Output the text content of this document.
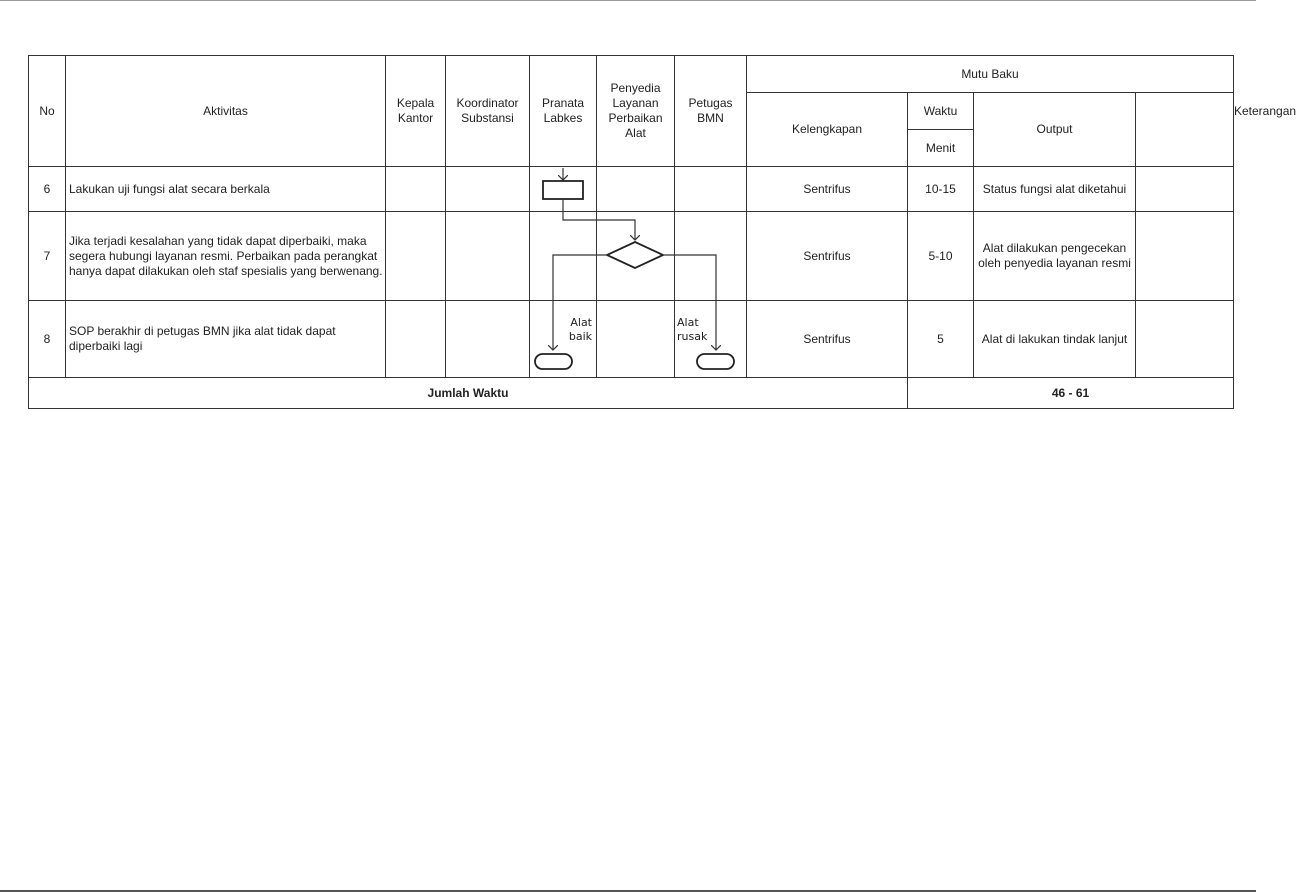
No	Aktivitas	Kepala Kantor	Koordinator Substansi	Pranata Labkes	Penyedia Layanan Perbaikan Alat	Petugas BMN	Mutu Baku				Keterangan
							Kelengkapan	Waktu	Output		
								Menit			
6	Lakukan uji fungsi alat secara berkala						Sentrifus	10-15	Status fungsi alat diketahui		
7	Jika terjadi kesalahan yang tidak dapat diperbaiki, maka segera hubungi layanan resmi. Perbaikan pada perangkat hanya dapat dilakukan oleh staf spesialis yang berwenang.						Sentrifus	5-10	Alat dilakukan pengecekan oleh penyedia layanan resmi		
8	SOP berakhir di petugas BMN jika alat tidak dapat diperbaiki lagi						Sentrifus	5	Alat di lakukan tindak lanjut		
Jumlah Waktu								46 - 61			
Alat baik
Alat rusak
